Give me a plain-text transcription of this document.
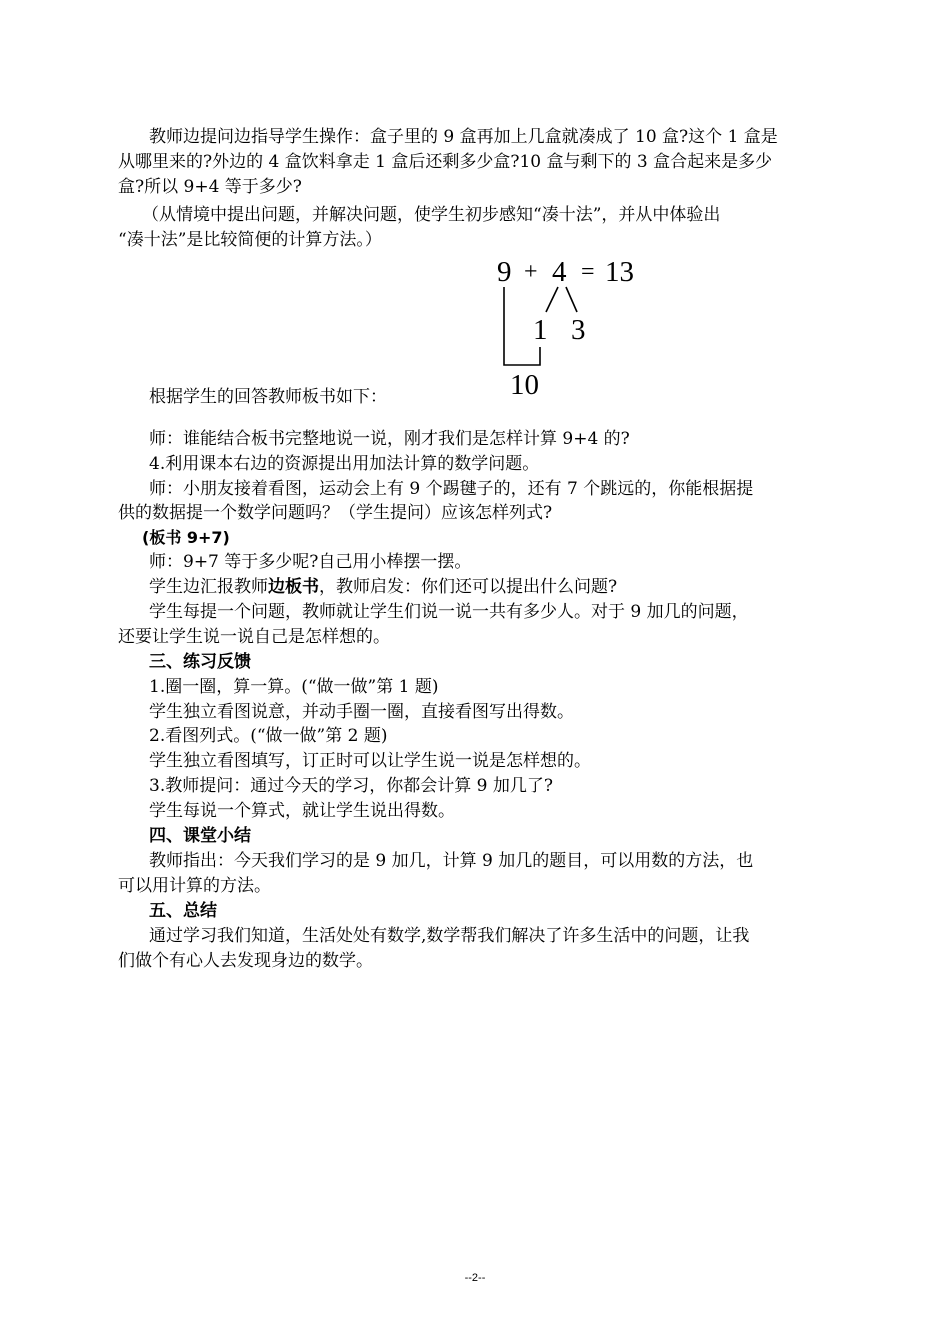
教师边提问边指导学生操作：盒子里的 9 盒再加上几盒就凑成了 10 盒?这个 1 盒是
从哪里来的?外边的 4 盒饮料拿走 1 盒后还剩多少盒?10 盒与剩下的 3 盒合起来是多少
盒?所以 9+4 等于多少?
（从情境中提出问题，并解决问题，使学生初步感知“凑十法”，并从中体验出
“凑十法”是比较简便的计算方法。）
9 + 4 = 13
1 3
10
根据学生的回答教师板书如下：
师：谁能结合板书完整地说一说，刚才我们是怎样计算 9+4 的?
4.利用课本右边的资源提出用加法计算的数学问题。
师：小朋友接着看图，运动会上有 9 个踢毽子的，还有 7 个跳远的，你能根据提
供的数据提一个数学问题吗？（学生提问）应该怎样列式?
(板书 9+7)
师：9+7 等于多少呢?自己用小棒摆一摆。
学生边汇报教师边板书，教师启发：你们还可以提出什么问题?
学生每提一个问题，教师就让学生们说一说一共有多少人。对于 9 加几的问题，
还要让学生说一说自己是怎样想的。
三、练习反馈
1.圈一圈，算一算。(“做一做”第 1 题)
学生独立看图说意，并动手圈一圈，直接看图写出得数。
2.看图列式。(“做一做”第 2 题)
学生独立看图填写，订正时可以让学生说一说是怎样想的。
3.教师提问：通过今天的学习，你都会计算 9 加几了?
学生每说一个算式，就让学生说出得数。
四、课堂小结
教师指出：今天我们学习的是 9 加几，计算 9 加几的题目，可以用数的方法，也
可以用计算的方法。
五、总结
通过学习我们知道，生活处处有数学,数学帮我们解决了许多生活中的问题，让我
们做个有心人去发现身边的数学。
--2--
